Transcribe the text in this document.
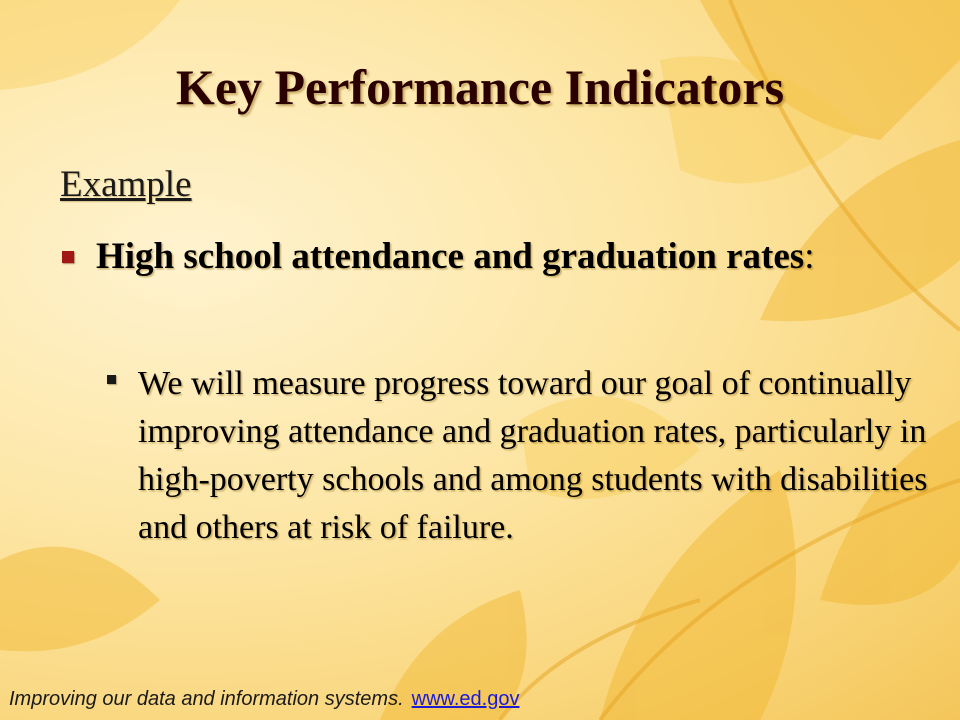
Key Performance Indicators
Example
High school attendance and graduation rates:
We will measure progress toward our goal of continually improving attendance and graduation rates, particularly in high-poverty schools and among students with disabilities and others at risk of failure.
Improving our data and information systems. www.ed.gov
